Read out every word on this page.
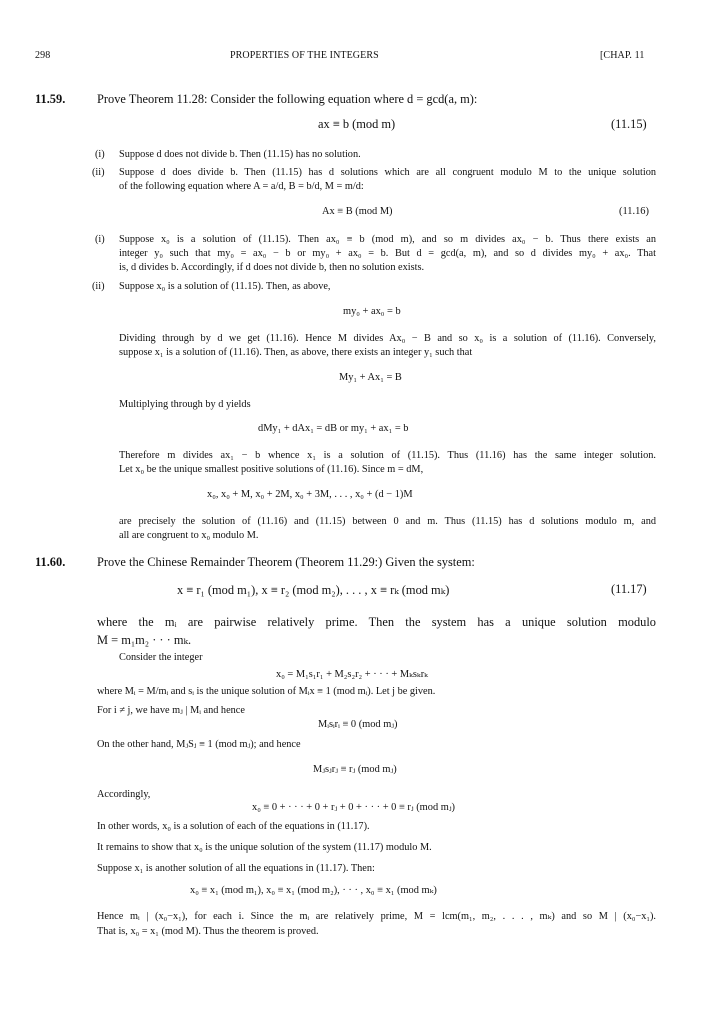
298	PROPERTIES OF THE INTEGERS	[CHAP. 11
11.59.	Prove Theorem 11.28: Consider the following equation where d = gcd(a, m):
ax ≡ b (mod m)	(11.15)
(i) Suppose d does not divide b. Then (11.15) has no solution.
(ii) Suppose d does divide b. Then (11.15) has d solutions which are all congruent modulo M to the unique solution
of the following equation where A = a/d, B = b/d, M = m/d:
Ax ≡ B (mod M)	(11.16)
(i) Suppose x₀ is a solution of (11.15). Then ax₀ ≡ b (mod m), and so m divides ax₀ − b. Thus there exists an
integer y₀ such that my₀ = ax₀ − b or my₀ + ax₀ = b. But d = gcd(a, m), and so d divides my₀ + ax₀. That
is, d divides b. Accordingly, if d does not divide b, then no solution exists.
(ii) Suppose x₀ is a solution of (11.15). Then, as above,
my₀ + ax₀ = b
Dividing through by d we get (11.16). Hence M divides Ax₀ − B and so x₀ is a solution of (11.16). Conversely,
suppose x₁ is a solution of (11.16). Then, as above, there exists an integer y₁ such that
My₁ + Ax₁ = B
Multiplying through by d yields
dMy₁ + dAx₁ = dB or my₁ + ax₁ = b
Therefore m divides ax₁ − b whence x₁ is a solution of (11.15). Thus (11.16) has the same integer solution.
Let x₀ be the unique smallest positive solutions of (11.16). Since m = dM,
x₀, x₀ + M, x₀ + 2M, x₀ + 3M, . . . , x₀ + (d − 1)M
are precisely the solution of (11.16) and (11.15) between 0 and m. Thus (11.15) has d solutions modulo m, and
all are congruent to x₀ modulo M.
11.60.	Prove the Chinese Remainder Theorem (Theorem 11.29:) Given the system:
x ≡ r₁ (mod m₁), x ≡ r₂ (mod m₂), . . . , x ≡ rₖ (mod mₖ)	(11.17)
where the mᵢ are pairwise relatively prime. Then the system has a unique solution modulo
M = m₁m₂ · · · mₖ.
Consider the integer
x₀ = M₁s₁r₁ + M₂s₂r₂ + · · · + Mₖsₖrₖ
where Mᵢ = M/mᵢ and sᵢ is the unique solution of Mᵢx ≡ 1 (mod mᵢ). Let j be given.
For i ≠ j, we have mⱼ | Mᵢ and hence
Mᵢsᵢrᵢ ≡ 0 (mod mⱼ)
On the other hand, MⱼSⱼ ≡ 1 (mod mⱼ); and hence
Mⱼsⱼrⱼ ≡ rⱼ (mod mⱼ)
Accordingly,
x₀ ≡ 0 + · · · + 0 + rⱼ + 0 + · · · + 0 ≡ rⱼ (mod mⱼ)
In other words, x₀ is a solution of each of the equations in (11.17).
It remains to show that x₀ is the unique solution of the system (11.17) modulo M.
Suppose x₁ is another solution of all the equations in (11.17). Then:
x₀ ≡ x₁ (mod m₁), x₀ ≡ x₁ (mod m₂), · · · , x₀ ≡ x₁ (mod mₖ)
Hence mᵢ | (x₀−x₁), for each i. Since the mᵢ are relatively prime, M = lcm(m₁, m₂, . . . , mₖ) and so M | (x₀−x₁).
That is, x₀ = x₁ (mod M). Thus the theorem is proved.
